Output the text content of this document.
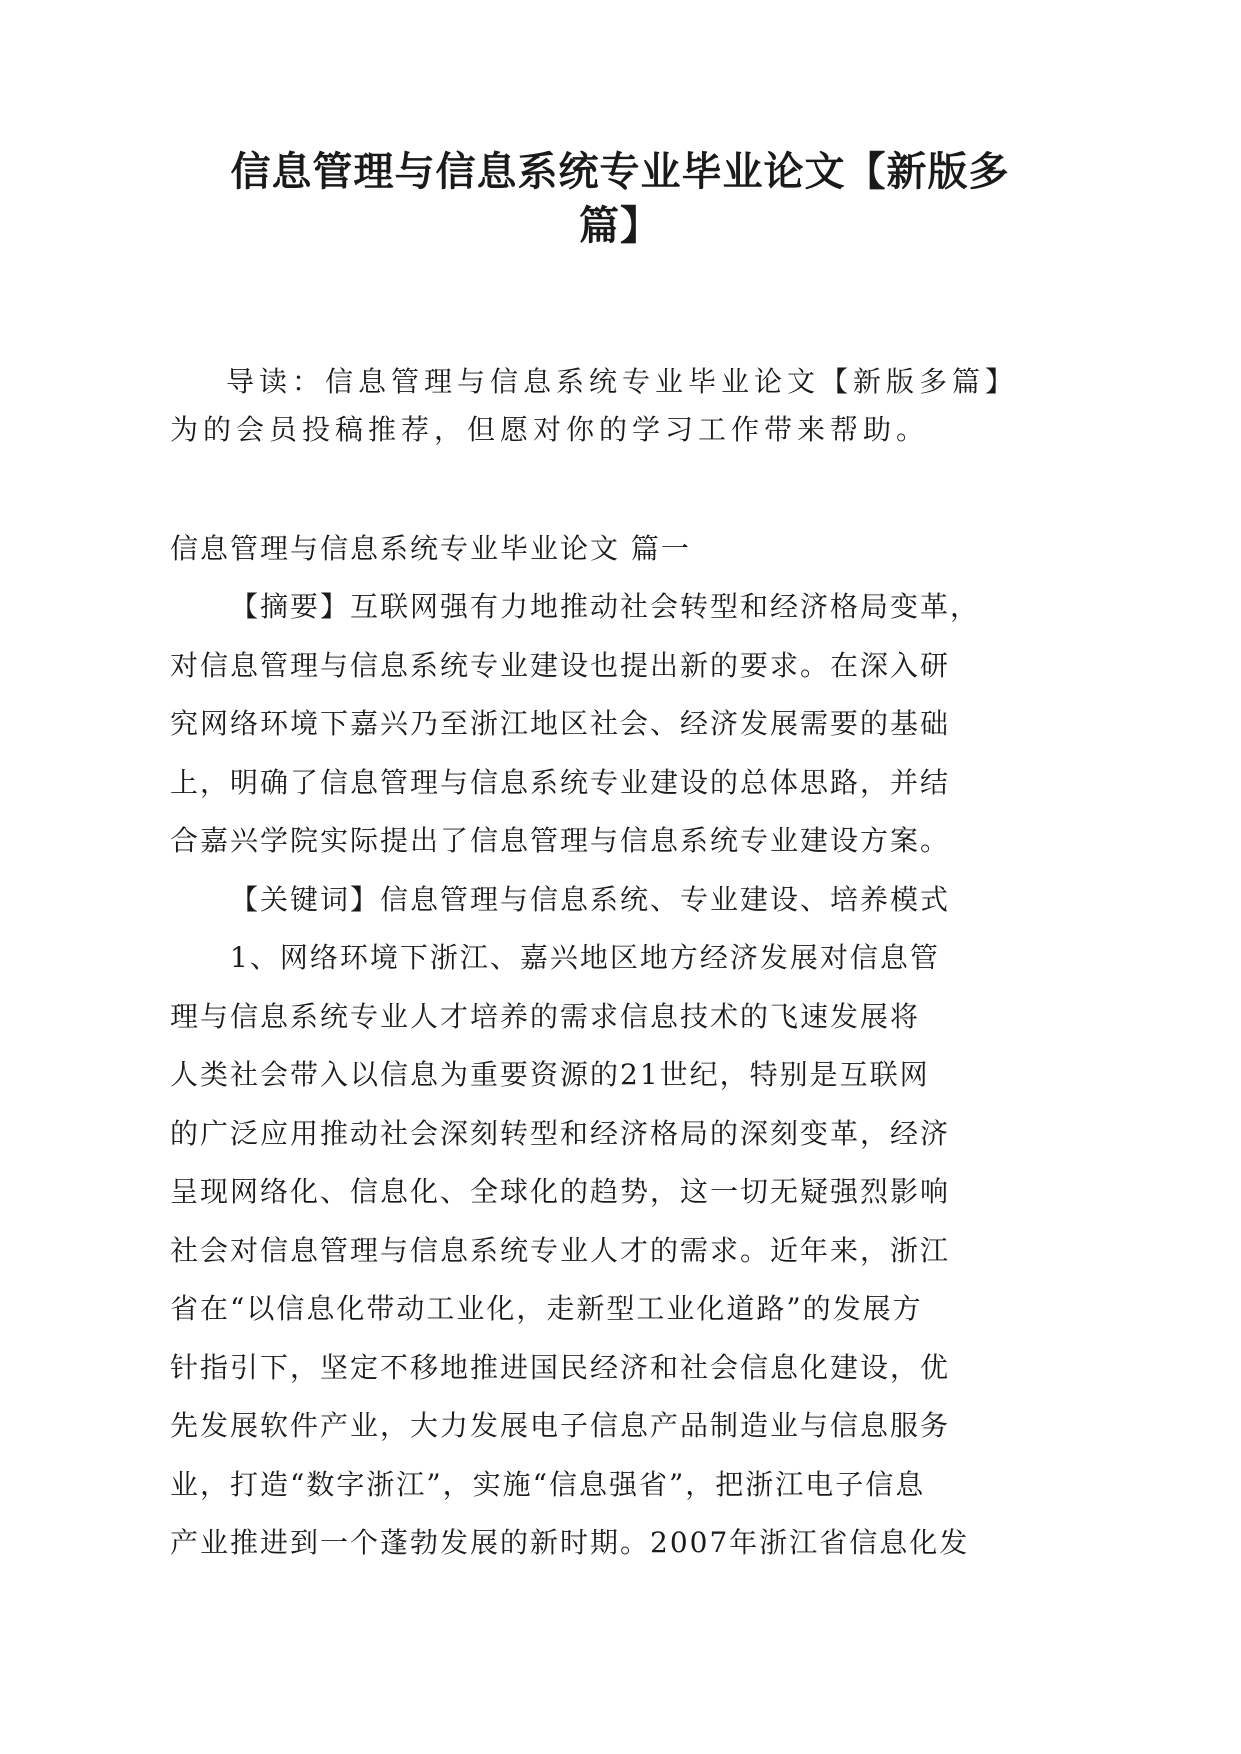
信息管理与信息系统专业毕业论文【新版多
篇】
导读：信息管理与信息系统专业毕业论文【新版多篇】
为的会员投稿推荐，但愿对你的学习工作带来帮助。
信息管理与信息系统专业毕业论文 篇一
【摘要】互联网强有力地推动社会转型和经济格局变革，
对信息管理与信息系统专业建设也提出新的要求。在深入研
究网络环境下嘉兴乃至浙江地区社会、经济发展需要的基础
上，明确了信息管理与信息系统专业建设的总体思路，并结
合嘉兴学院实际提出了信息管理与信息系统专业建设方案。
【关键词】信息管理与信息系统、专业建设、培养模式
1、网络环境下浙江、嘉兴地区地方经济发展对信息管
理与信息系统专业人才培养的需求信息技术的飞速发展将
人类社会带入以信息为重要资源的21世纪，特别是互联网
的广泛应用推动社会深刻转型和经济格局的深刻变革，经济
呈现网络化、信息化、全球化的趋势，这一切无疑强烈影响
社会对信息管理与信息系统专业人才的需求。近年来，浙江
省在“以信息化带动工业化，走新型工业化道路”的发展方
针指引下，坚定不移地推进国民经济和社会信息化建设，优
先发展软件产业，大力发展电子信息产品制造业与信息服务
业，打造“数字浙江”，实施“信息强省”，把浙江电子信息
产业推进到一个蓬勃发展的新时期。2007年浙江省信息化发
